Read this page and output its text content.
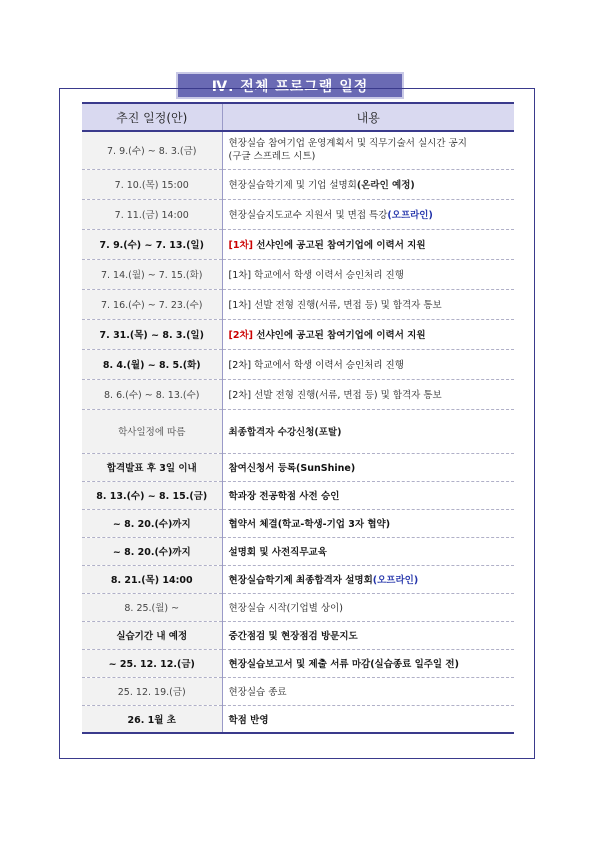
Ⅳ. 전체 프로그램 일정
추진 일정(안)	내용
7. 9.(수) ~ 8. 3.(금)	현장실습 참여기업 운영계획서 및 직무기술서 실시간 공지
(구글 스프레드 시트)

7. 10.(목) 15:00	현장실습학기제 및 기업 설명회(온라인 예정)
7. 11.(금) 14:00	현장실습지도교수 지원서 및 면접 특강(오프라인)
7. 9.(수) ~ 7. 13.(일)	[1차] 선샤인에 공고된 참여기업에 이력서 지원
7. 14.(월) ~ 7. 15.(화)	[1차] 학교에서 학생 이력서 승인처리 진행
7. 16.(수) ~ 7. 23.(수)	[1차] 선발 전형 진행(서류, 면접 등) 및 합격자 통보
7. 31.(목) ~ 8. 3.(일)	[2차] 선샤인에 공고된 참여기업에 이력서 지원
8. 4.(월) ~ 8. 5.(화)	[2차] 학교에서 학생 이력서 승인처리 진행
8. 6.(수) ~ 8. 13.(수)	[2차] 선발 전형 진행(서류, 면접 등) 및 합격자 통보
학사일정에 따름	최종합격자 수강신청(포탈)
합격발표 후 3일 이내	참여신청서 등록(SunShine)
8. 13.(수) ~ 8. 15.(금)	학과장 전공학점 사전 승인
~ 8. 20.(수)까지	협약서 체결(학교-학생-기업 3자 협약)
~ 8. 20.(수)까지	설명회 및 사전직무교육
8. 21.(목) 14:00	현장실습학기제 최종합격자 설명회(오프라인)
8. 25.(월) ~	현장실습 시작(기업별 상이)
실습기간 내 예정	중간점검 및 현장점검 방문지도
~ 25. 12. 12.(금)	현장실습보고서 및 제출 서류 마감(실습종료 일주일 전)
25. 12. 19.(금)	현장실습 종료
26. 1월 초	학점 반영
